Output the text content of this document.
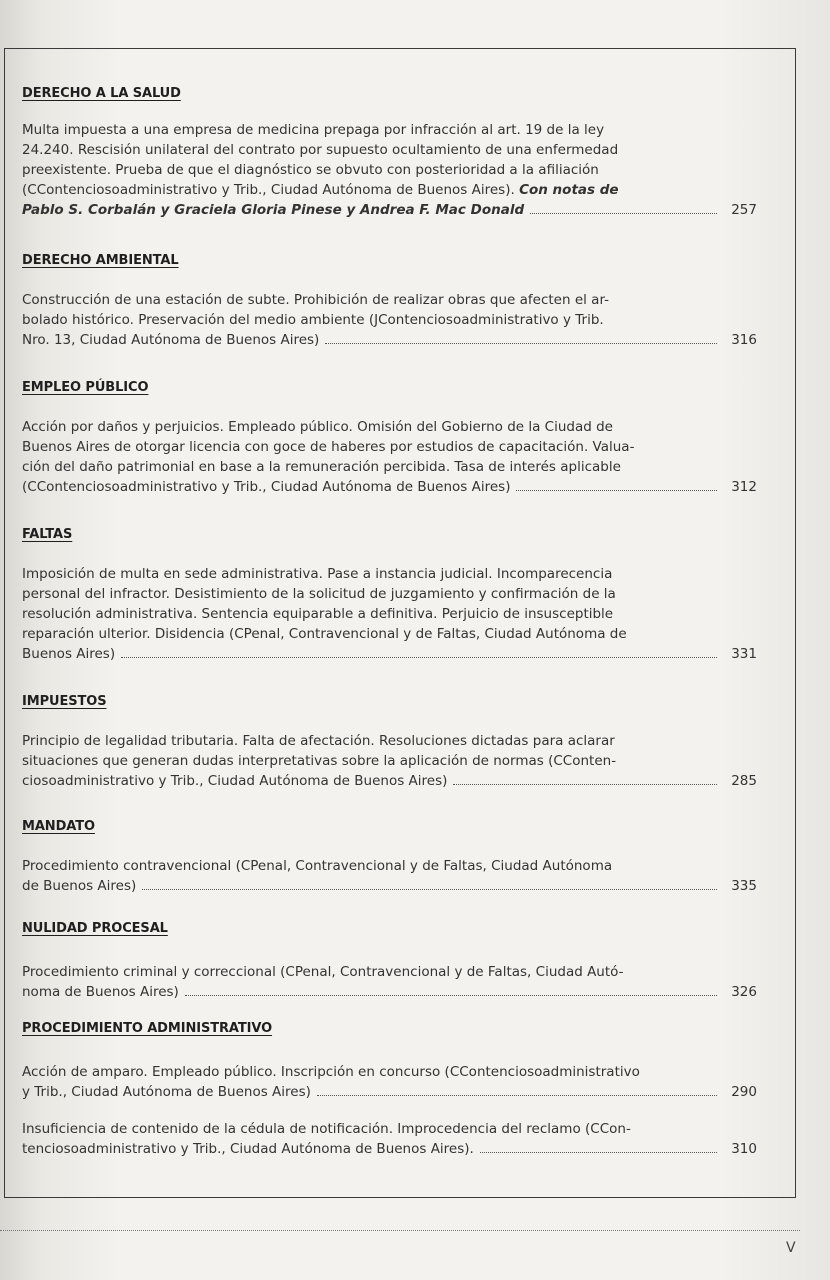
DERECHO A LA SALUD

Multa impuesta a una empresa de medicina prepaga por infracción al art. 19 de la ley

24.240. Rescisión unilateral del contrato por supuesto ocultamiento de una enfermedad

preexistente. Prueba de que el diagnóstico se obvuto con posterioridad a la afiliación

(CContenciosoadministrativo y Trib., Ciudad Autónoma de Buenos Aires). Con notas de

Pablo S. Corbalán y Graciela Gloria Pinese y Andrea F. Mac Donald	257

DERECHO AMBIENTAL

Construcción de una estación de subte. Prohibición de realizar obras que afecten el ar-

bolado histórico. Preservación del medio ambiente (JContenciosoadministrativo y Trib.

Nro. 13, Ciudad Autónoma de Buenos Aires)	316

EMPLEO PÚBLICO

Acción por daños y perjuicios. Empleado público. Omisión del Gobierno de la Ciudad de

Buenos Aires de otorgar licencia con goce de haberes por estudios de capacitación. Valua-

ción del daño patrimonial en base a la remuneración percibida. Tasa de interés aplicable

(CContenciosoadministrativo y Trib., Ciudad Autónoma de Buenos Aires)	312

FALTAS

Imposición de multa en sede administrativa. Pase a instancia judicial. Incomparecencia

personal del infractor. Desistimiento de la solicitud de juzgamiento y confirmación de la

resolución administrativa. Sentencia equiparable a definitiva. Perjuicio de insusceptible

reparación ulterior. Disidencia (CPenal, Contravencional y de Faltas, Ciudad Autónoma de

Buenos Aires)	331

IMPUESTOS

Principio de legalidad tributaria. Falta de afectación. Resoluciones dictadas para aclarar

situaciones que generan dudas interpretativas sobre la aplicación de normas (CConten-

ciosoadministrativo y Trib., Ciudad Autónoma de Buenos Aires)	285

MANDATO

Procedimiento contravencional (CPenal, Contravencional y de Faltas, Ciudad Autónoma

de Buenos Aires)	335

NULIDAD PROCESAL

Procedimiento criminal y correccional (CPenal, Contravencional y de Faltas, Ciudad Autó-

noma de Buenos Aires)	326

PROCEDIMIENTO ADMINISTRATIVO

Acción de amparo. Empleado público. Inscripción en concurso (CContenciosoadministrativo

y Trib., Ciudad Autónoma de Buenos Aires)	290

Insuficiencia de contenido de la cédula de notificación. Improcedencia del reclamo (CCon-

tenciosoadministrativo y Trib., Ciudad Autónoma de Buenos Aires).	310

V
